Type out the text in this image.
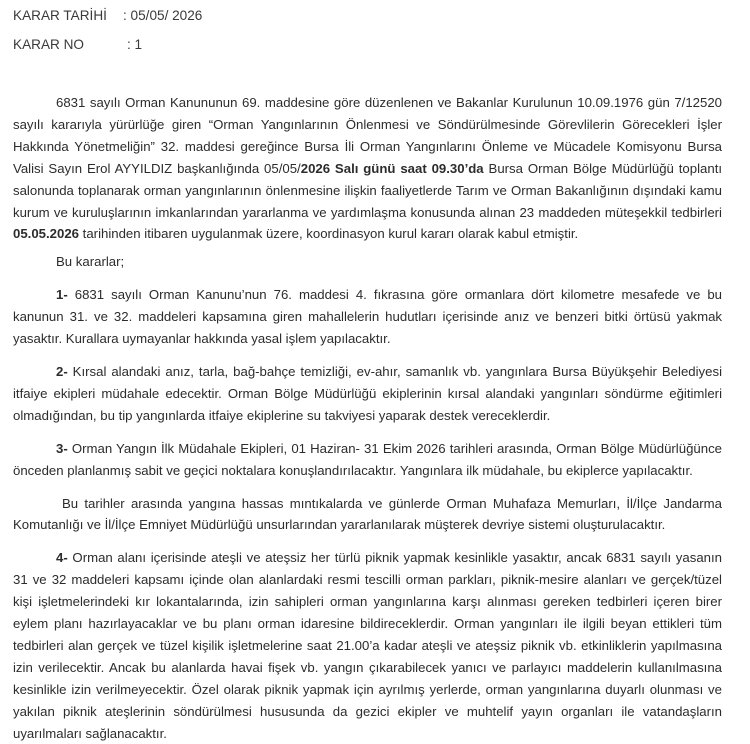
KARAR TARİHİ : 05/05/ 2026
KARAR NO	: 1

6831 sayılı Orman Kanununun 69. maddesine göre düzenlenen ve Bakanlar Kurulunun 10.09.1976 gün 7/12520 sayılı kararıyla yürürlüğe giren “Orman Yangınlarının Önlenmesi ve Söndürülmesinde Görevlilerin Görecekleri İşler Hakkında Yönetmeliğin” 32. maddesi gereğince Bursa İli Orman Yangınlarını Önleme ve Mücadele Komisyonu Bursa Valisi Sayın Erol AYYILDIZ başkanlığında 05/05/2026 Salı günü saat 09.30’da Bursa Orman Bölge Müdürlüğü toplantı salonunda toplanarak orman yangınlarının önlenmesine ilişkin faaliyetlerde Tarım ve Orman Bakanlığının dışındaki kamu kurum ve kuruluşlarının imkanlarından yararlanma ve yardımlaşma konusunda alınan 23 maddeden müteşekkil tedbirleri 05.05.2026 tarihinden itibaren uygulanmak üzere, koordinasyon kurul kararı olarak kabul etmiştir.

Bu kararlar;

1- 6831 sayılı Orman Kanunu’nun 76. maddesi 4. fıkrasına göre ormanlara dört kilometre mesafede ve bu kanunun 31. ve 32. maddeleri kapsamına giren mahallelerin hudutları içerisinde anız ve benzeri bitki örtüsü yakmak yasaktır. Kurallara uymayanlar hakkında yasal işlem yapılacaktır.

2- Kırsal alandaki anız, tarla, bağ-bahçe temizliği, ev-ahır, samanlık vb. yangınlara Bursa Büyükşehir Belediyesi itfaiye ekipleri müdahale edecektir. Orman Bölge Müdürlüğü ekiplerinin kırsal alandaki yangınları söndürme eğitimleri olmadığından, bu tip yangınlarda itfaiye ekiplerine su takviyesi yaparak destek vereceklerdir.

3- Orman Yangın İlk Müdahale Ekipleri, 01 Haziran- 31 Ekim 2026 tarihleri arasında, Orman Bölge Müdürlüğünce önceden planlanmış sabit ve geçici noktalara konuşlandırılacaktır. Yangınlara ilk müdahale, bu ekiplerce yapılacaktır.

Bu tarihler arasında yangına hassas mıntıkalarda ve günlerde Orman Muhafaza Memurları, İl/İlçe Jandarma Komutanlığı ve İl/İlçe Emniyet Müdürlüğü unsurlarından yararlanılarak müşterek devriye sistemi oluşturulacaktır.

4- Orman alanı içerisinde ateşli ve ateşsiz her türlü piknik yapmak kesinlikle yasaktır, ancak 6831 sayılı yasanın 31 ve 32 maddeleri kapsamı içinde olan alanlardaki resmi tescilli orman parkları, piknik-mesire alanları ve gerçek/tüzel kişi işletmelerindeki kır lokantalarında, izin sahipleri orman yangınlarına karşı alınması gereken tedbirleri içeren birer eylem planı hazırlayacaklar ve bu planı orman idaresine bildireceklerdir. Orman yangınları ile ilgili beyan ettikleri tüm tedbirleri alan gerçek ve tüzel kişilik işletmelerine saat 21.00’a kadar ateşli ve ateşsiz piknik vb. etkinliklerin yapılmasına izin verilecektir. Ancak bu alanlarda havai fişek vb. yangın çıkarabilecek yanıcı ve parlayıcı maddelerin kullanılmasına kesinlikle izin verilmeyecektir. Özel olarak piknik yapmak için ayrılmış yerlerde, orman yangınlarına duyarlı olunması ve yakılan piknik ateşlerinin söndürülmesi hususunda da gezici ekipler ve muhtelif yayın organları ile vatandaşların uyarılmaları sağlanacaktır.
